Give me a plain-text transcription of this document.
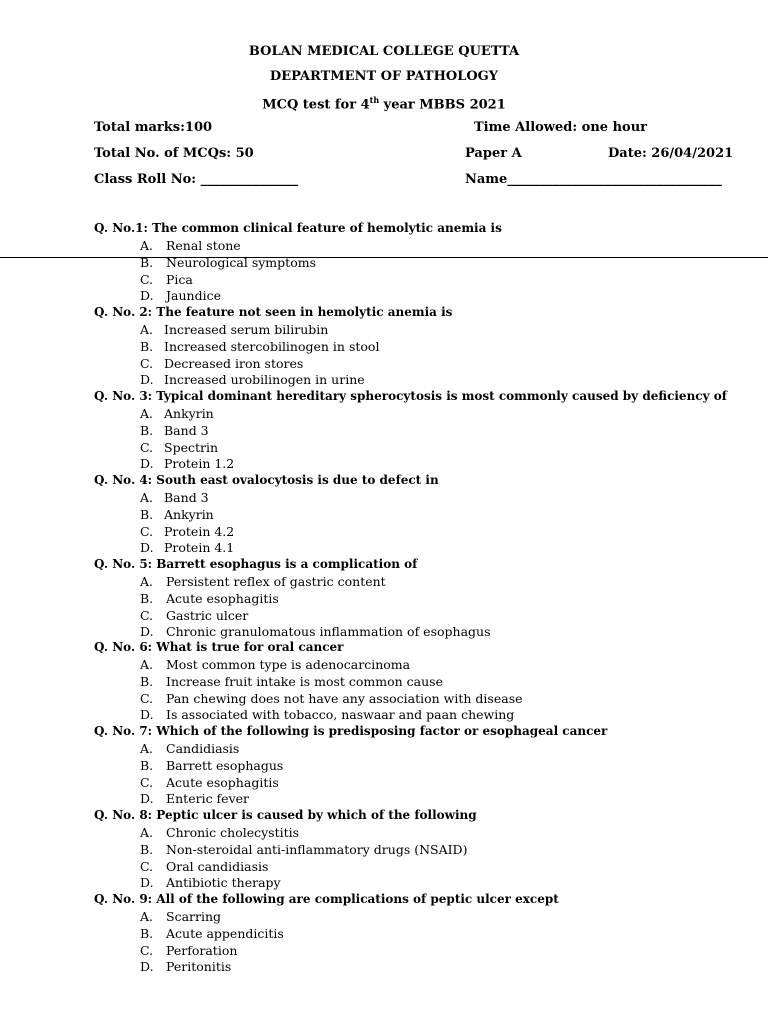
BOLAN MEDICAL COLLEGE QUETTA
DEPARTMENT OF PATHOLOGY
MCQ test for 4th year MBBS 2021
Total marks:100	Time Allowed: one hour
Total No. of MCQs: 50	Paper A	Date: 26/04/2021
Class Roll No: _______________	Name_________________________________
Q. No.1: The common clinical feature of hemolytic anemia is
A. Renal stone
B. Neurological symptoms
C. Pica
D. Jaundice
Q. No. 2: The feature not seen in hemolytic anemia is
A. Increased serum bilirubin
B. Increased stercobilinogen in stool
C. Decreased iron stores
D. Increased urobilinogen in urine
Q. No. 3: Typical dominant hereditary spherocytosis is most commonly caused by deficiency of
A. Ankyrin
B. Band 3
C. Spectrin
D. Protein 1.2
Q. No. 4: South east ovalocytosis is due to defect in
A. Band 3
B. Ankyrin
C. Protein 4.2
D. Protein 4.1
Q. No. 5: Barrett esophagus is a complication of
A. Persistent reflex of gastric content
B. Acute esophagitis
C. Gastric ulcer
D. Chronic granulomatous inflammation of esophagus
Q. No. 6: What is true for oral cancer
A. Most common type is adenocarcinoma
B. Increase fruit intake is most common cause
C. Pan chewing does not have any association with disease
D. Is associated with tobacco, naswaar and paan chewing
Q. No. 7: Which of the following is predisposing factor or esophageal cancer
A. Candidiasis
B. Barrett esophagus
C. Acute esophagitis
D. Enteric fever
Q. No. 8: Peptic ulcer is caused by which of the following
A. Chronic cholecystitis
B. Non-steroidal anti-inflammatory drugs (NSAID)
C. Oral candidiasis
D. Antibiotic therapy
Q. No. 9: All of the following are complications of peptic ulcer except
A. Scarring
B. Acute appendicitis
C. Perforation
D. Peritonitis
